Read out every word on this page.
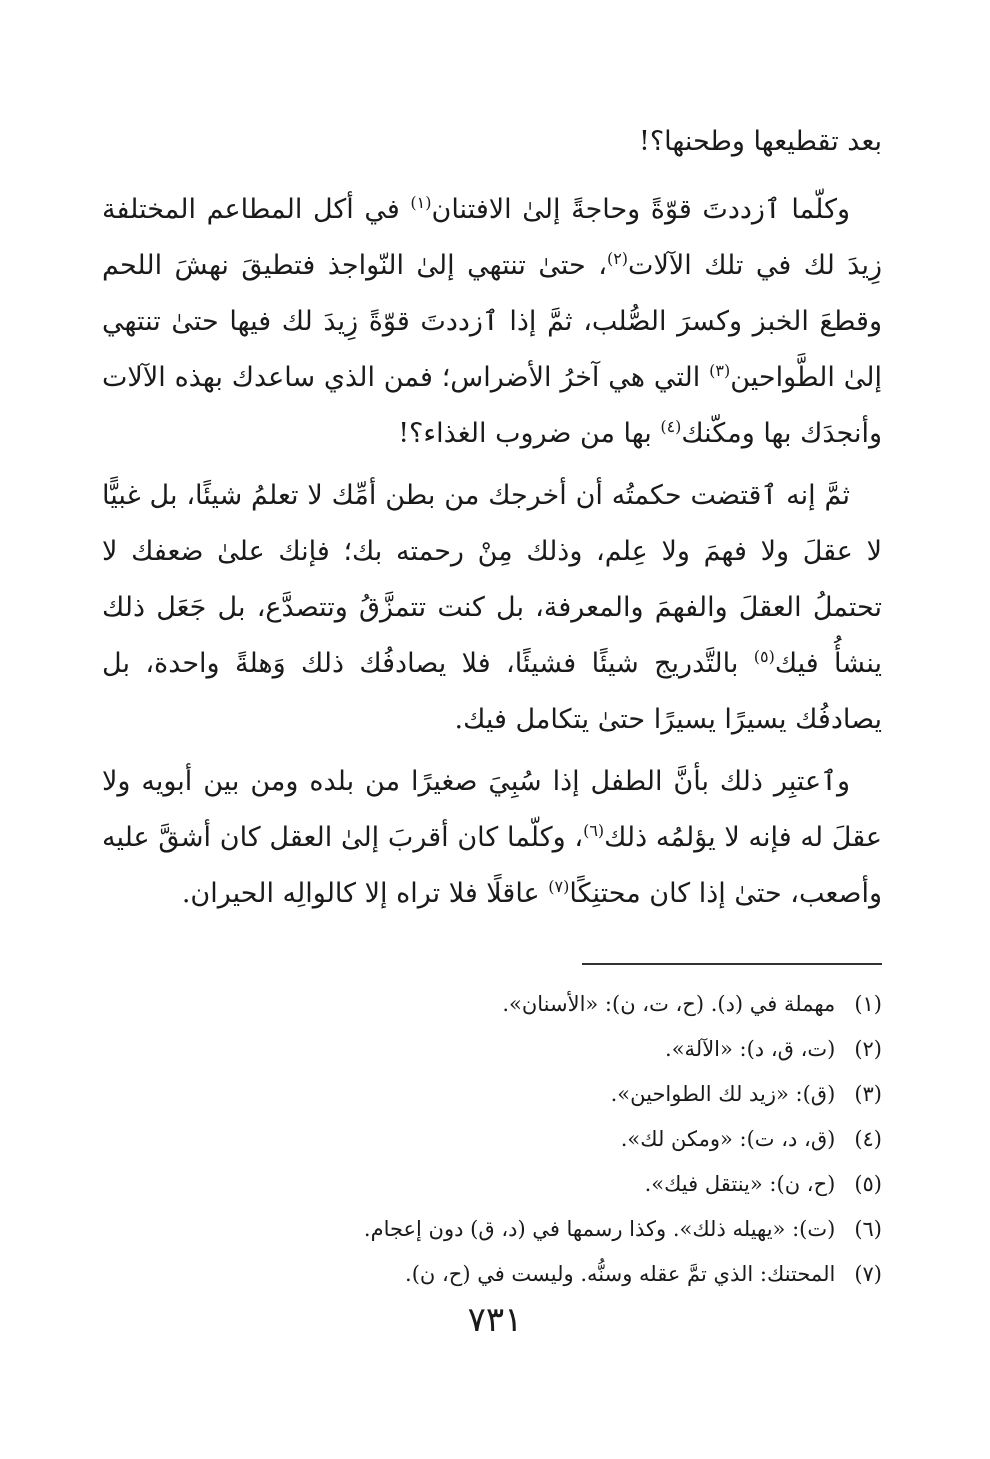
بعد تقطيعها وطحنها؟!

وكلّما ٱزددتَ قوّةً وحاجةً إلىٰ الافتنان$^{(١)}$ في أكل المطاعم المختلفة زِيدَ لك في تلك الآلات$^{(٢)}$، حتىٰ تنتهي إلىٰ النّواجذ فتطيقَ نهشَ اللحم وقطعَ الخبز وكسرَ الصُّلب، ثمَّ إذا ٱزددتَ قوّةً زِيدَ لك فيها حتىٰ تنتهي إلىٰ الطَّواحين$^{(٣)}$ التي هي آخرُ الأضراس؛ فمن الذي ساعدك بهذه الآلات وأنجدَك بها ومكّنك$^{(٤)}$ بها من ضروب الغذاء؟!

ثمَّ إنه ٱقتضت حكمتُه أن أخرجك من بطن أمِّك لا تعلمُ شيئًا، بل غبيًّا لا عقلَ ولا فهمَ ولا عِلم، وذلك مِنْ رحمته بك؛ فإنك علىٰ ضعفك لا تحتملُ العقلَ والفهمَ والمعرفة، بل كنت تتمزَّقُ وتتصدَّع، بل جَعَل ذلك ينشأُ فيك$^{(٥)}$ بالتَّدريج شيئًا فشيئًا، فلا يصادفُك ذلك وَهلةً واحدة، بل يصادفُك يسيرًا يسيرًا حتىٰ يتكامل فيك.

وٱعتبِر ذلك بأنَّ الطفل إذا سُبِيَ صغيرًا من بلده ومن بين أبويه ولا عقلَ له فإنه لا يؤلمُه ذلك$^{(٦)}$، وكلّما كان أقربَ إلىٰ العقل كان أشقَّ عليه وأصعب، حتىٰ إذا كان محتنِكًا$^{(٧)}$ عاقلًا فلا تراه إلا كالوالِه الحيران.

(١) مهملة في (د). (ح، ت، ن): «الأسنان».
(٢) (ت، ق، د): «الآلة».
(٣) (ق): «زيد لك الطواحين».
(٤) (ق، د، ت): «ومكن لك».
(٥) (ح، ن): «ينتقل فيك».
(٦) (ت): «يهيله ذلك». وكذا رسمها في (د، ق) دون إعجام.
(٧) المحتنك: الذي تمَّ عقله وسنُّه. وليست في (ح، ن).
٧٣١
